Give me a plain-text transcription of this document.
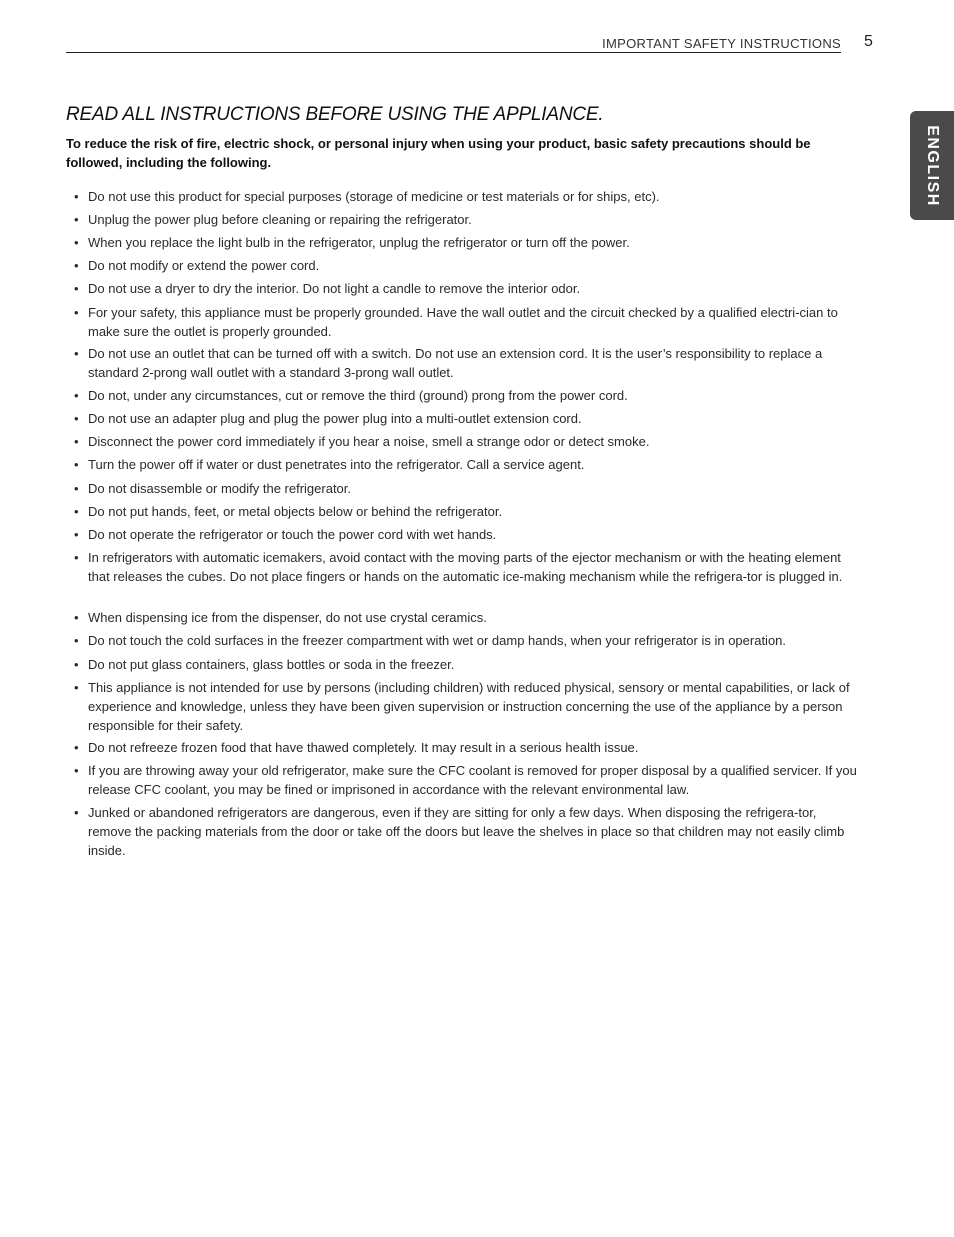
IMPORTANT SAFETY INSTRUCTIONS 5
ENGLISH
READ ALL INSTRUCTIONS BEFORE USING THE APPLIANCE.

To reduce the risk of fire, electric shock, or personal injury when using your product, basic safety precautions should be followed, including the following.

• Do not use this product for special purposes (storage of medicine or test materials or for ships, etc).
• Unplug the power plug before cleaning or repairing the refrigerator.
• When you replace the light bulb in the refrigerator, unplug the refrigerator or turn off the power.
• Do not modify or extend the power cord.
• Do not use a dryer to dry the interior. Do not light a candle to remove the interior odor.
• For your safety, this appliance must be properly grounded. Have the wall outlet and the circuit checked by a qualified electri-cian to make sure the outlet is properly grounded.
• Do not use an outlet that can be turned off with a switch. Do not use an extension cord. It is the user’s responsibility to replace a standard 2-prong wall outlet with a standard 3-prong wall outlet.
• Do not, under any circumstances, cut or remove the third (ground) prong from the power cord.
• Do not use an adapter plug and plug the power plug into a multi-outlet extension cord.
• Disconnect the power cord immediately if you hear a noise, smell a strange odor or detect smoke.
• Turn the power off if water or dust penetrates into the refrigerator. Call a service agent.
• Do not disassemble or modify the refrigerator.
• Do not put hands, feet, or metal objects below or behind the refrigerator.
• Do not operate the refrigerator or touch the power cord with wet hands.
• In refrigerators with automatic icemakers, avoid contact with the moving parts of the ejector mechanism or with the heating element that releases the cubes. Do not place fingers or hands on the automatic ice-making mechanism while the refrigera-tor is plugged in.
• When dispensing ice from the dispenser, do not use crystal ceramics.
• Do not touch the cold surfaces in the freezer compartment with wet or damp hands, when your refrigerator is in operation.
• Do not put glass containers, glass bottles or soda in the freezer.
• This appliance is not intended for use by persons (including children) with reduced physical, sensory or mental capabilities, or lack of experience and knowledge, unless they have been given supervision or instruction concerning the use of the appliance by a person responsible for their safety.
• Do not refreeze frozen food that have thawed completely. It may result in a serious health issue.
• If you are throwing away your old refrigerator, make sure the CFC coolant is removed for proper disposal by a qualified servicer. If you release CFC coolant, you may be fined or imprisoned in accordance with the relevant environmental law.
• Junked or abandoned refrigerators are dangerous, even if they are sitting for only a few days. When disposing the refrigera-tor, remove the packing materials from the door or take off the doors but leave the shelves in place so that children may not easily climb inside.
